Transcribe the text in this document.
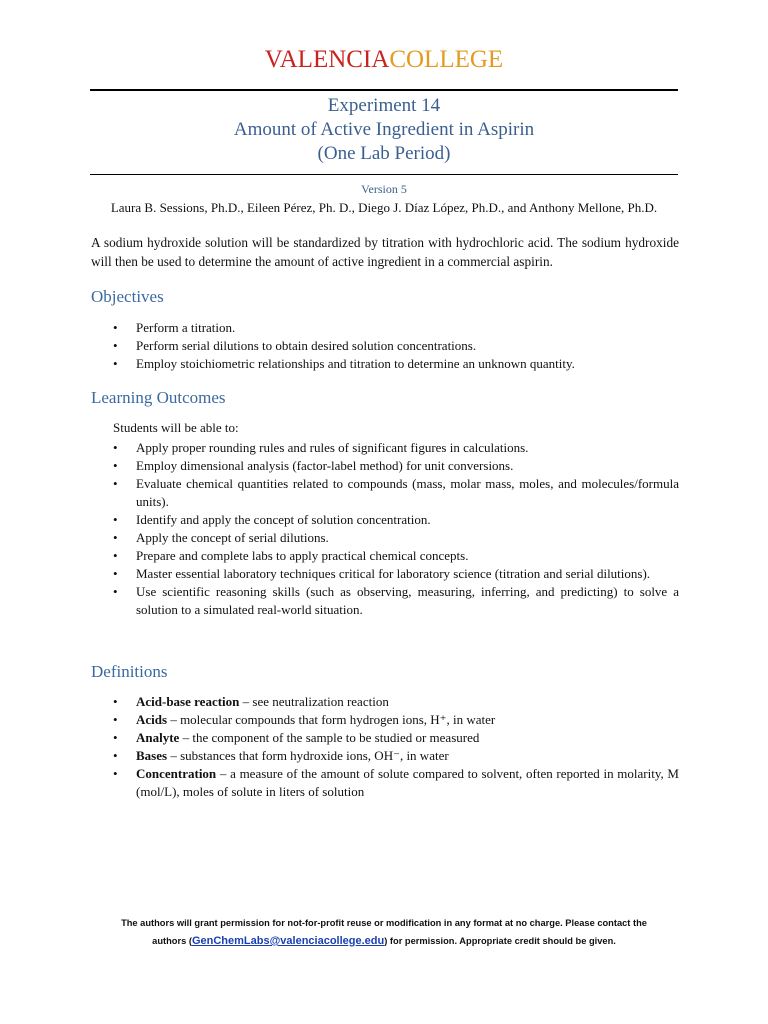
VALENCIACOLLEGE
Experiment 14
Amount of Active Ingredient in Aspirin
(One Lab Period)
Version 5
Laura B. Sessions, Ph.D., Eileen Pérez, Ph. D., Diego J. Díaz López, Ph.D., and Anthony Mellone, Ph.D.
A sodium hydroxide solution will be standardized by titration with hydrochloric acid. The sodium hydroxide will then be used to determine the amount of active ingredient in a commercial aspirin.
Objectives
• Perform a titration.
• Perform serial dilutions to obtain desired solution concentrations.
• Employ stoichiometric relationships and titration to determine an unknown quantity.
Learning Outcomes
Students will be able to:
• Apply proper rounding rules and rules of significant figures in calculations.
• Employ dimensional analysis (factor-label method) for unit conversions.
• Evaluate chemical quantities related to compounds (mass, molar mass, moles, and molecules/formula units).
• Identify and apply the concept of solution concentration.
• Apply the concept of serial dilutions.
• Prepare and complete labs to apply practical chemical concepts.
• Master essential laboratory techniques critical for laboratory science (titration and serial dilutions).
• Use scientific reasoning skills (such as observing, measuring, inferring, and predicting) to solve a solution to a simulated real-world situation.
Definitions
• Acid-base reaction – see neutralization reaction
• Acids – molecular compounds that form hydrogen ions, H⁺, in water
• Analyte – the component of the sample to be studied or measured
• Bases – substances that form hydroxide ions, OH⁻, in water
• Concentration – a measure of the amount of solute compared to solvent, often reported in molarity, M (mol/L), moles of solute in liters of solution
The authors will grant permission for not-for-profit reuse or modification in any format at no charge. Please contact the
authors (GenChemLabs@valenciacollege.edu) for permission. Appropriate credit should be given.
